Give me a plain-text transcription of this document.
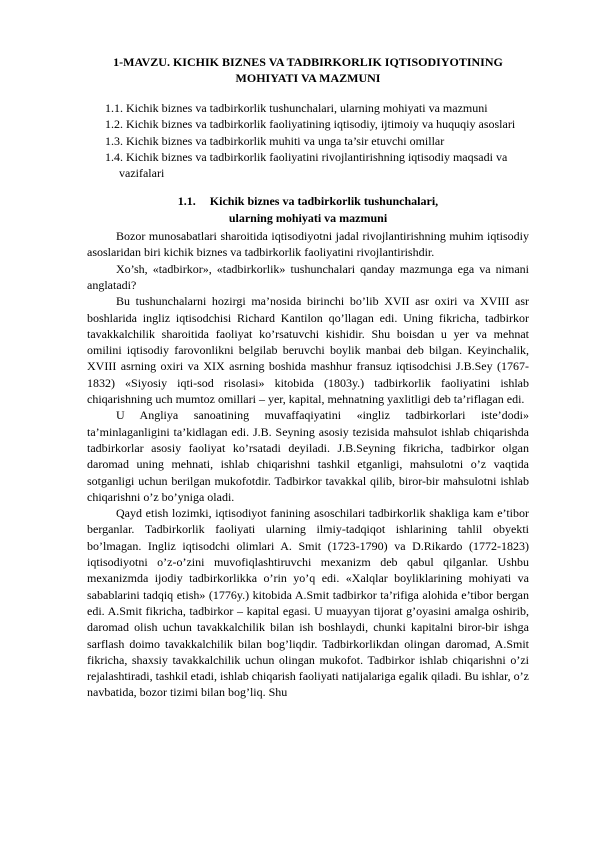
1-MAVZU. KICHIK BIZNES VA TADBIRKORLIK IQTISODIYOTINING MOHIYATI VA MAZMUNI

1.1. Kichik biznes va tadbirkorlik tushunchalari, ularning mohiyati va mazmuni

1.2. Kichik biznes va tadbirkorlik faoliyatining iqtisodiy, ijtimoiy va huquqiy asoslari

1.3. Kichik biznes va tadbirkorlik muhiti va unga ta’sir etuvchi omillar

1.4. Kichik biznes va tadbirkorlik faoliyatini rivojlantirishning iqtisodiy maqsadi va vazifalari

1.1. Kichik biznes va tadbirkorlik tushunchalari,
ularning mohiyati va mazmuni

Bozor munosabatlari sharoitida iqtisodiyotni jadal rivojlantirishning muhim iqtisodiy asoslaridan biri kichik biznes va tadbirkorlik faoliyatini rivojlantirishdir.

Xo’sh, «tadbirkor», «tadbirkorlik» tushunchalari qanday mazmunga ega va nimani anglatadi?

Bu tushunchalarni hozirgi ma’nosida birinchi bo’lib XVII asr oxiri va XVIII asr boshlarida ingliz iqtisodchisi Richard Kantilon qo’llagan edi. Uning fikricha, tadbirkor tavakkalchilik sharoitida faoliyat ko’rsatuvchi kishidir. Shu boisdan u yer va mehnat omilini iqtisodiy farovonlikni belgilab beruvchi boylik manbai deb bilgan. Keyinchalik, XVIII asrning oxiri va XIX asrning boshida mashhur fransuz iqtisodchisi J.B.Sey (1767-1832) «Siyosiy iqti-sod risolasi» kitobida (1803y.) tadbirkorlik faoliyatini ishlab chiqarishning uch mumtoz omillari – yer, kapital, mehnatning yaxlitligi deb ta’riflagan edi.

U Angliya sanoatining muvaffaqiyatini «ingliz tadbirkorlari iste’dodi» ta’minlaganligini ta’kidlagan edi. J.B. Seyning asosiy tezisida mahsulot ishlab chiqarishda tadbirkorlar asosiy faoliyat ko’rsatadi deyiladi. J.B.Seyning fikricha, tadbirkor olgan daromad uning mehnati, ishlab chiqarishni tashkil etganligi, mahsulotni o’z vaqtida sotganligi uchun berilgan mukofotdir. Tadbirkor tavakkal qilib, biror-bir mahsulotni ishlab chiqarishni o’z bo’yniga oladi.

Qayd etish lozimki, iqtisodiyot fanining asoschilari tadbirkorlik shakliga kam e’tibor berganlar. Tadbirkorlik faoliyati ularning ilmiy-tadqiqot ishlarining tahlil obyekti bo’lmagan. Ingliz iqtisodchi olimlari A. Smit (1723-1790) va D.Rikardo (1772-1823) iqtisodiyotni o’z-o’zini muvofiqlashtiruvchi mexanizm deb qabul qilganlar. Ushbu mexanizmda ijodiy tadbirkorlikka o’rin yo’q edi. «Xalqlar boyliklarining mohiyati va sabablarini tadqiq etish» (1776y.) kitobida A.Smit tadbirkor ta’rifiga alohida e’tibor bergan edi. A.Smit fikricha, tadbirkor – kapital egasi. U muayyan tijorat g’oyasini amalga oshirib, daromad olish uchun tavakkalchilik bilan ish boshlaydi, chunki kapitalni biror-bir ishga sarflash doimo tavakkalchilik bilan bog’liqdir. Tadbirkorlikdan olingan daromad, A.Smit fikricha, shaxsiy tavakkalchilik uchun olingan mukofot. Tadbirkor ishlab chiqarishni o’zi rejalashtiradi, tashkil etadi, ishlab chiqarish faoliyati natijalariga egalik qiladi. Bu ishlar, o’z navbatida, bozor tizimi bilan bog’liq. Shu
